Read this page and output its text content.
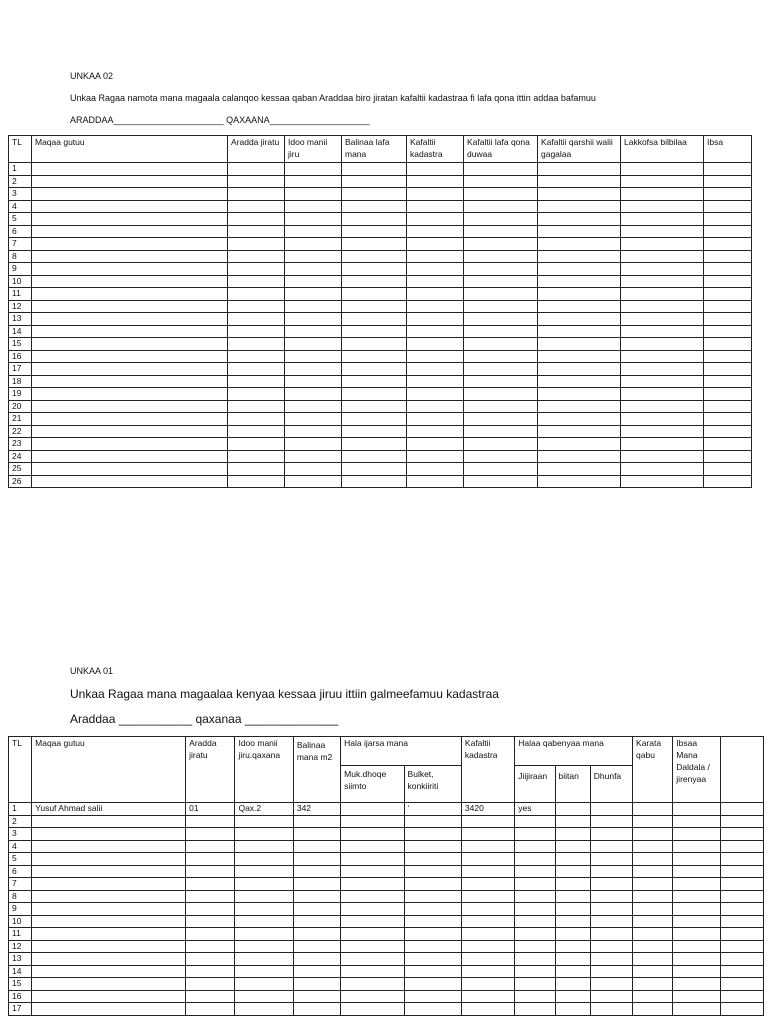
UNKAA 02
Unkaa Ragaa namota mana magaala calanqoo kessaa qaban Araddaa biro jiratan kafaltii kadastraa fi lafa qona ittin addaa bafamuu
ARADDAA______________________ QAXAANA____________________
TL	Maqaa gutuu	Aradda jiratu	Idoo manii jiru	Balinaa lafa mana	Kafaltii kadastra	Kafaltii lafa qona duwaa	Kafaltii qarshii walii gagalaa	Lakkofsa bilbilaa	Ibsa
1									
2									
3									
4									
5									
6									
7									
8									
9									
10									
11									
12									
13									
14									
15									
16									
17									
18									
19									
20									
21									
22									
23									
24									
25									
26									
UNKAA 01
Unkaa Ragaa mana magaalaa kenyaa kessaa jiruu ittiin galmeefamuu kadastraa
Araddaa ___________ qaxanaa ______________
TL	Maqaa gutuu	Aradda jiratu	Idoo manii jiru.qaxana	Balinaa mana m2	Hala ijarsa mana		Kafaltii kadastra	Halaa qabenyaa mana			Karata qabu	Ibsaa Mana Daldala / jirenyaa	
					Muk.dhoqe siimto	Bulket, konkiiriti		Jiijiraan	biitan	Dhunfa			
1	Yusuf Ahmad salii	01	Qax.2	342		‘	3420	yes					
2													
3													
4													
5													
6													
7													
8													
9													
10													
11													
12													
13													
14													
15													
16													
17													
